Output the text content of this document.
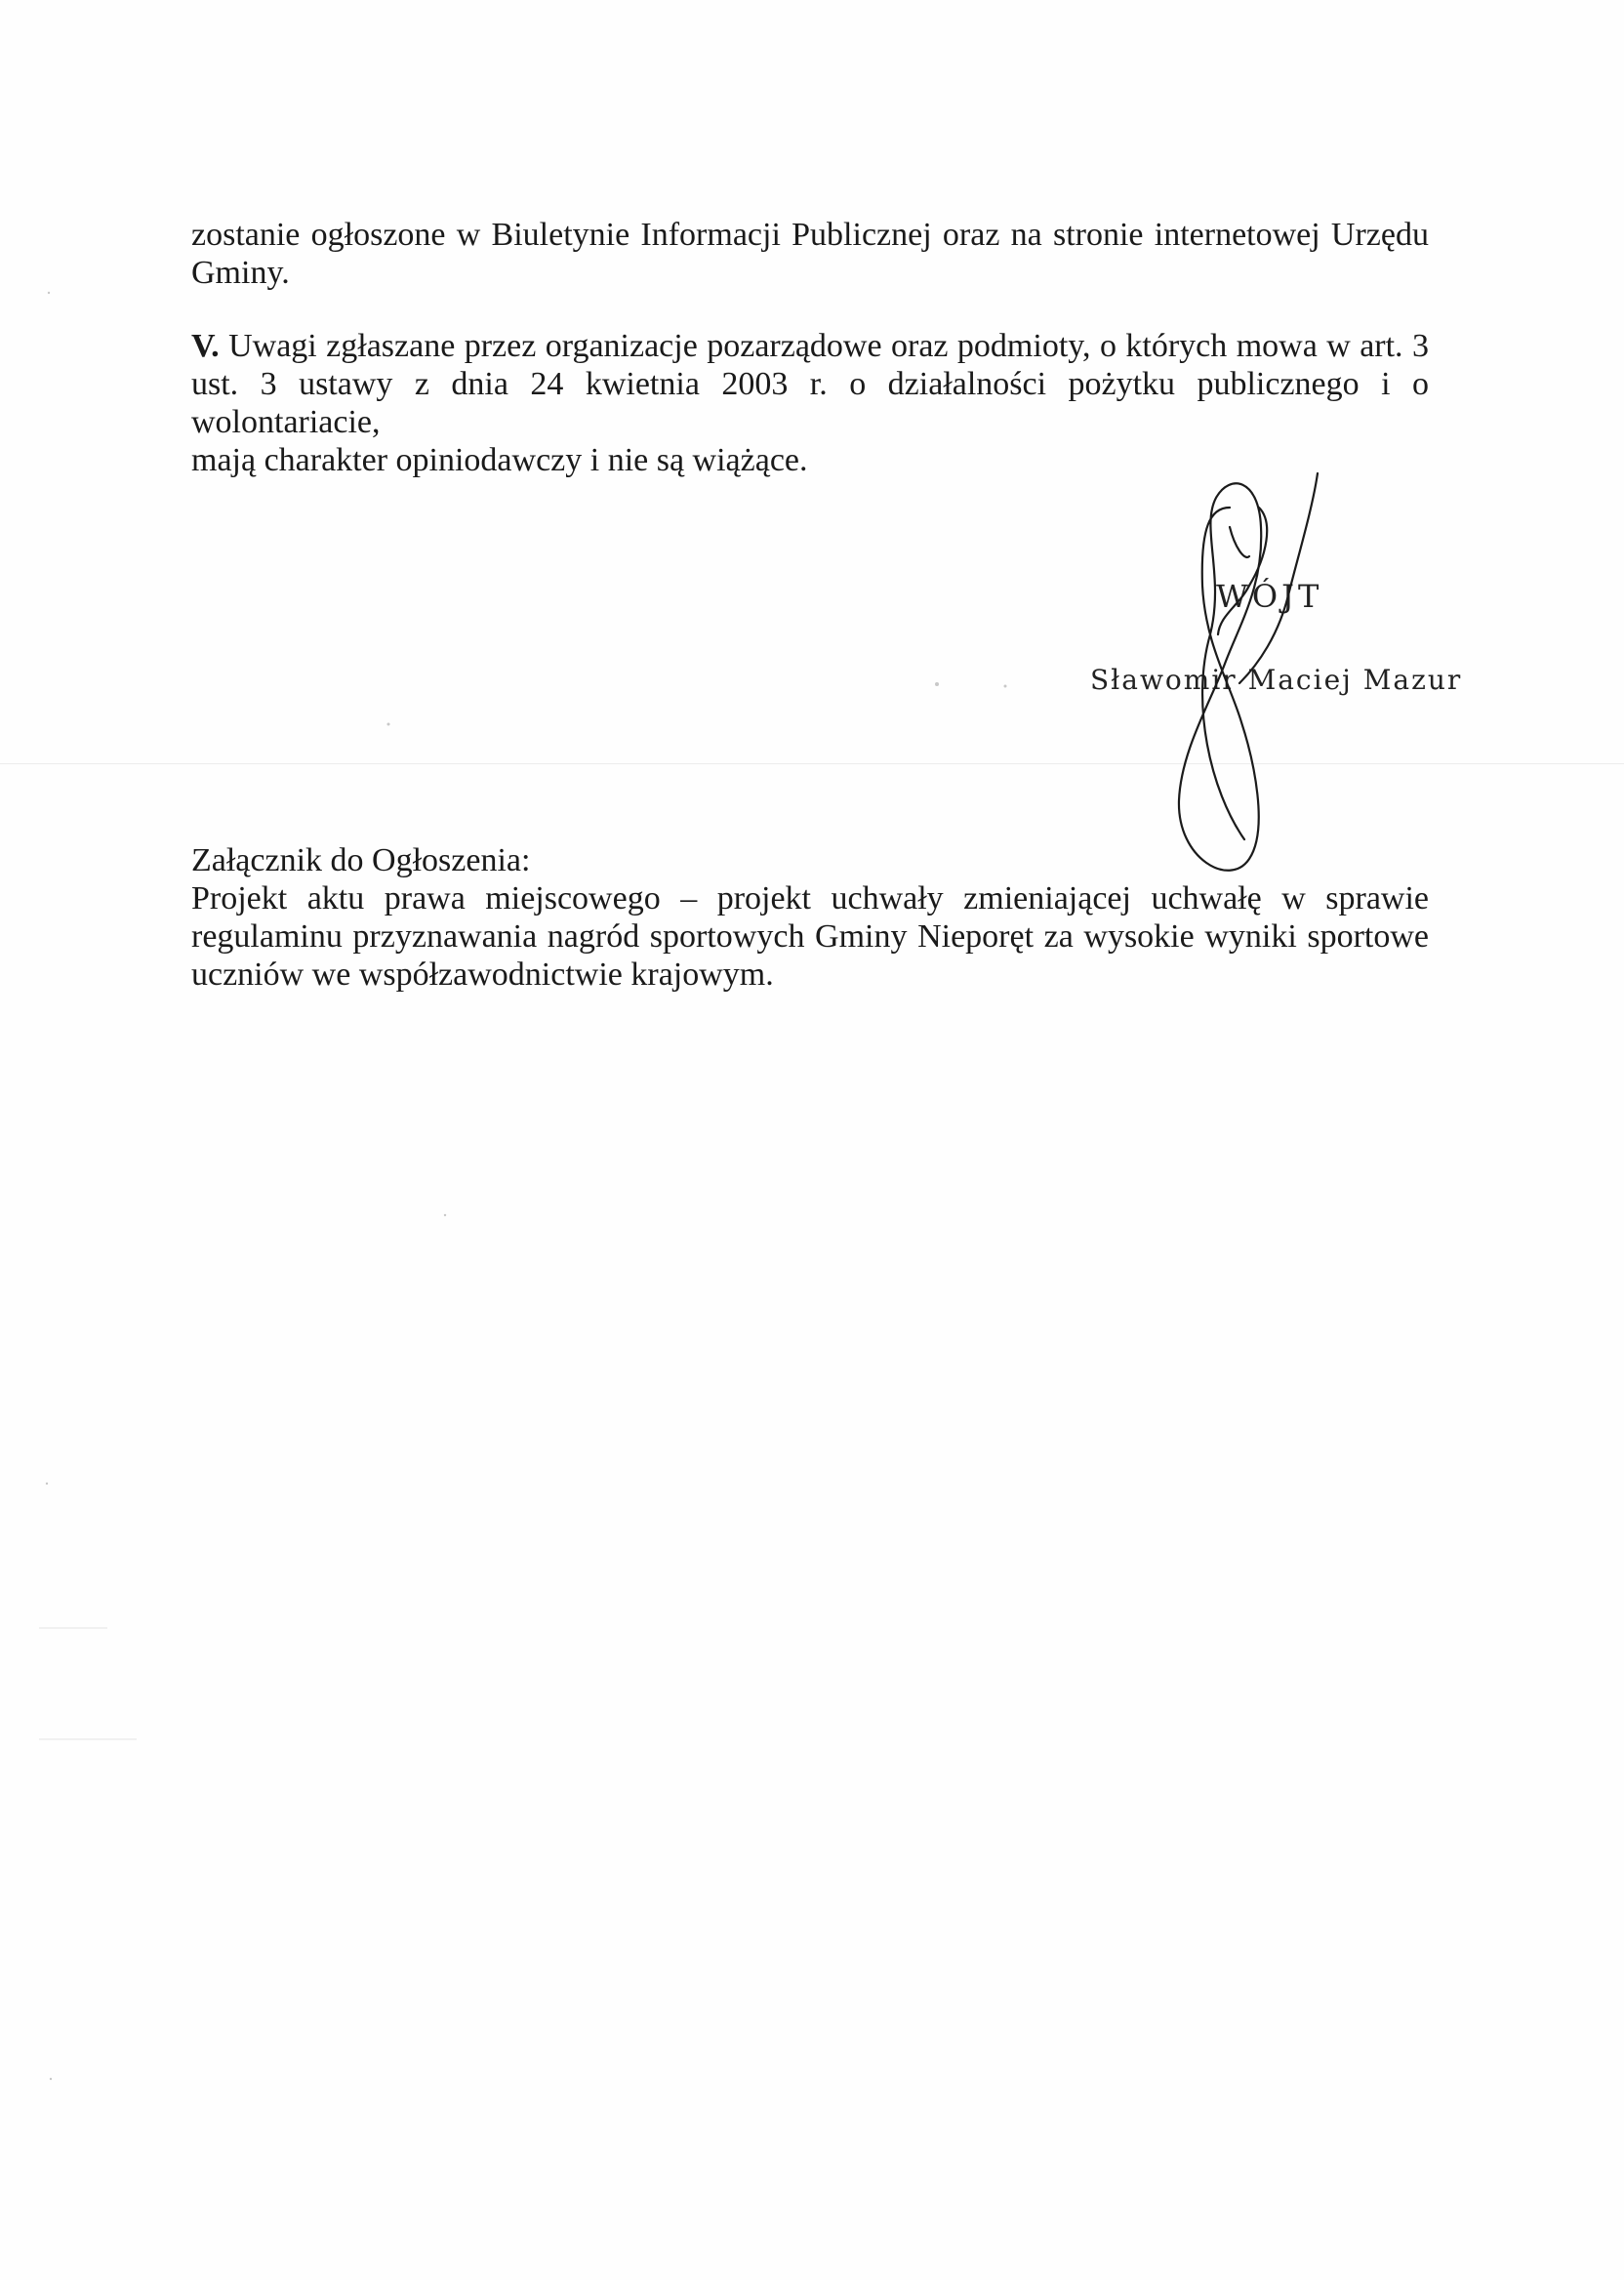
zostanie ogłoszone w Biuletynie Informacji Publicznej oraz na stronie internetowej Urzędu
Gminy.
V. Uwagi zgłaszane przez organizacje pozarządowe oraz podmioty, o których mowa w art. 3
ust. 3 ustawy z dnia 24 kwietnia 2003 r. o działalności pożytku publicznego i o wolontariacie,
mają charakter opiniodawczy i nie są wiążące.
WÓJT
Sławomir Maciej Mazur
Załącznik do Ogłoszenia:
Projekt aktu prawa miejscowego – projekt uchwały zmieniającej uchwałę w sprawie
regulaminu przyznawania nagród sportowych Gminy Nieporęt za wysokie wyniki sportowe
uczniów we współzawodnictwie krajowym.
